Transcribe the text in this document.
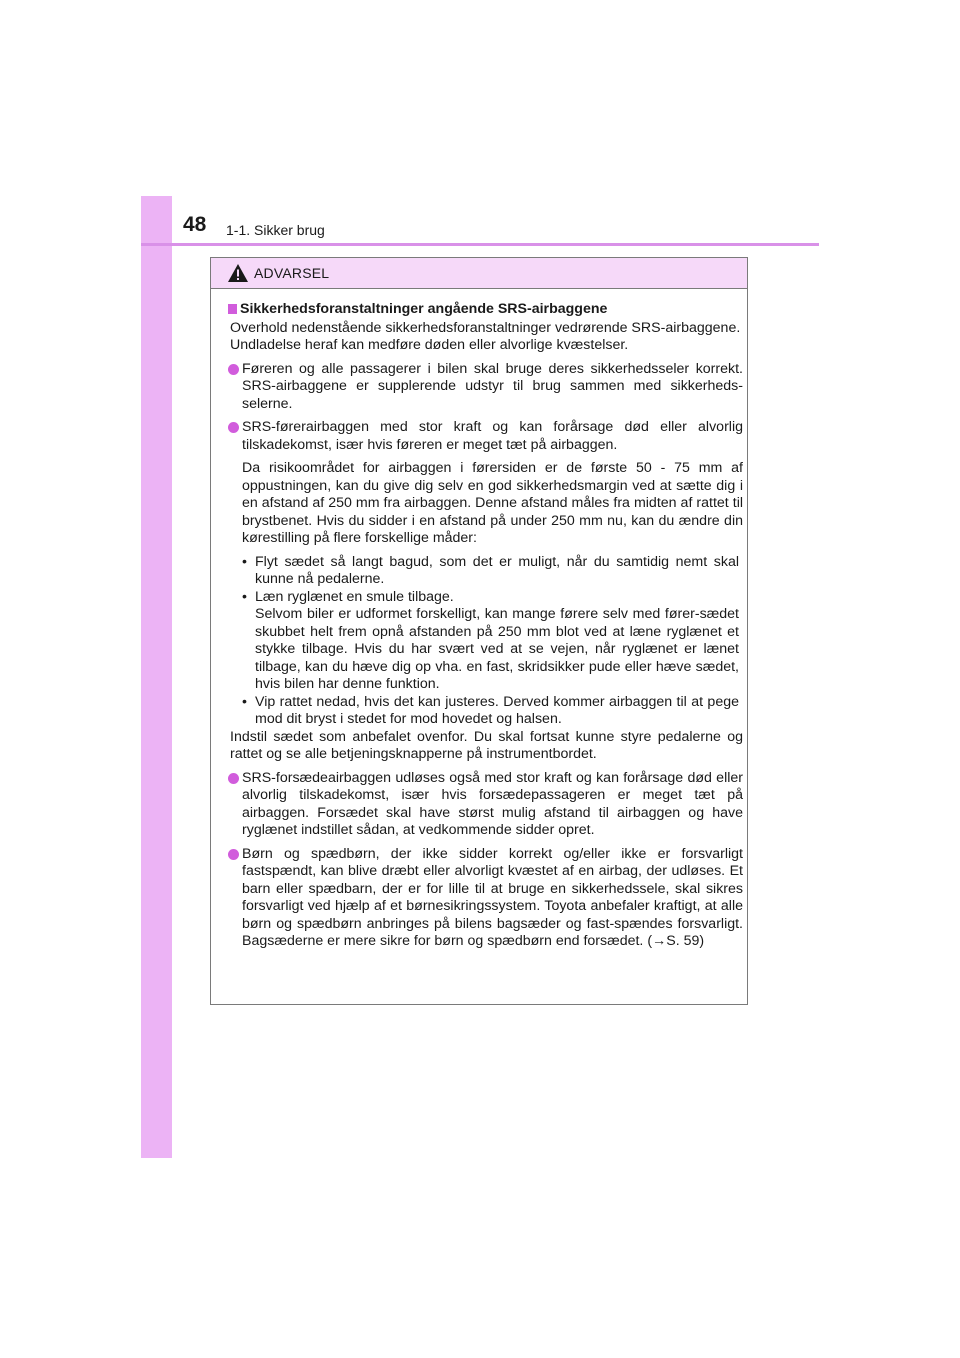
48 1-1. Sikker brug
ADVARSEL

Sikkerhedsforanstaltninger angående SRS-airbaggene

Overhold nedenstående sikkerhedsforanstaltninger vedrørende SRS-airbaggene.

Undladelse heraf kan medføre døden eller alvorlige kvæstelser.

Føreren og alle passagerer i bilen skal bruge deres sikkerhedsseler korrekt. SRS-airbaggene er supplerende udstyr til brug sammen med sikkerheds-selerne.

SRS-førerairbaggen med stor kraft og kan forårsage død eller alvorlig tilskadekomst, især hvis føreren er meget tæt på airbaggen.

Da risikoområdet for airbaggen i førersiden er de første 50 - 75 mm af oppustningen, kan du give dig selv en god sikkerhedsmargin ved at sætte dig i en afstand af 250 mm fra airbaggen. Denne afstand måles fra midten af rattet til brystbenet. Hvis du sidder i en afstand på under 250 mm nu, kan du ændre din kørestilling på flere forskellige måder:

• Flyt sædet så langt bagud, som det er muligt, når du samtidig nemt skal kunne nå pedalerne.

• Læn ryglænet en smule tilbage.

Selvom biler er udformet forskelligt, kan mange førere selv med fører-sædet skubbet helt frem opnå afstanden på 250 mm blot ved at læne ryglænet et stykke tilbage. Hvis du har svært ved at se vejen, når ryglænet er lænet tilbage, kan du hæve dig op vha. en fast, skridsikker pude eller hæve sædet, hvis bilen har denne funktion.

• Vip rattet nedad, hvis det kan justeres. Derved kommer airbaggen til at pege mod dit bryst i stedet for mod hovedet og halsen.

Indstil sædet som anbefalet ovenfor. Du skal fortsat kunne styre pedalerne og rattet og se alle betjeningsknapperne på instrumentbordet.

SRS-forsædeairbaggen udløses også med stor kraft og kan forårsage død eller alvorlig tilskadekomst, især hvis forsædepassageren er meget tæt på airbaggen. Forsædet skal have størst mulig afstand til airbaggen og have ryglænet indstillet sådan, at vedkommende sidder opret.

Børn og spædbørn, der ikke sidder korrekt og/eller ikke er forsvarligt fastspændt, kan blive dræbt eller alvorligt kvæstet af en airbag, der udløses. Et barn eller spædbarn, der er for lille til at bruge en sikkerhedssele, skal sikres forsvarligt ved hjælp af et børnesikringssystem. Toyota anbefaler kraftigt, at alle børn og spædbørn anbringes på bilens bagsæder og fast-spændes forsvarligt. Bagsæderne er mere sikre for børn og spædbørn end forsædet. (→S. 59)
